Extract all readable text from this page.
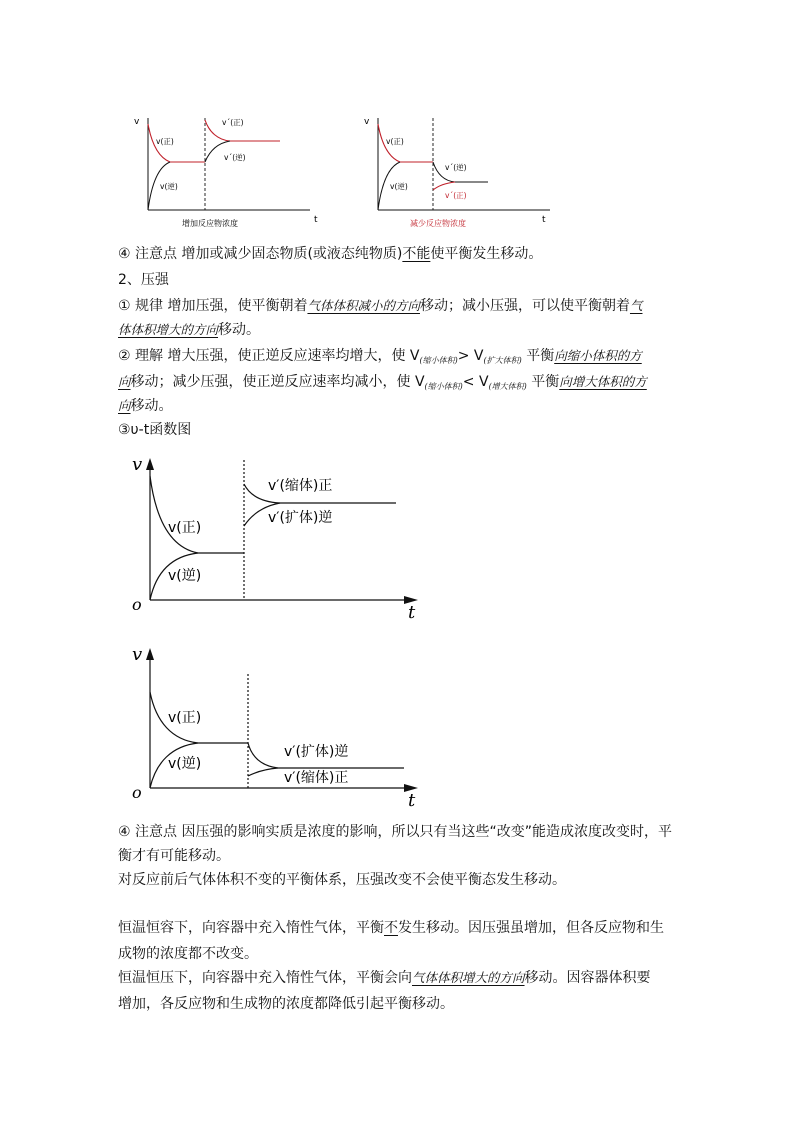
v
t
v(正)
v(逆)
v´(正)
v´(逆)
增加反应物浓度
v
t
v(正)
v(逆)
v´(逆)
v´(正)
减少反应物浓度
④ 注意点 增加或减少固态物质(或液态纯物质)不能使平衡发生移动。
2、压强
① 规律 增加压强，使平衡朝着气体体积减小的方向移动；减小压强，可以使平衡朝着气
体体积增大的方向移动。
② 理解 增大压强，使正逆反应速率均增大，使 $V_{(缩小体积)}> V_{(扩大体积)}$ 平衡向缩小体积的方
向移动；减少压强，使正逆反应速率均减小，使 $V_{(缩小体积)}< V_{(增大体积)}$ 平衡向增大体积的方
向移动。
③υ-t函数图
v
t
o
v(正)
v(逆)
v′(缩体)正
v′(扩体)逆
v
t
o
v(正)
v(逆)
v′(扩体)逆
v′(缩体)正
④ 注意点 因压强的影响实质是浓度的影响，所以只有当这些“改变”能造成浓度改变时，平
衡才有可能移动。
对反应前后气体体积不变的平衡体系，压强改变不会使平衡态发生移动。
恒温恒容下，向容器中充入惰性气体，平衡不发生移动。因压强虽增加，但各反应物和生
成物的浓度都不改变。
恒温恒压下，向容器中充入惰性气体，平衡会向气体体积增大的方向移动。因容器体积要
增加，各反应物和生成物的浓度都降低引起平衡移动。
